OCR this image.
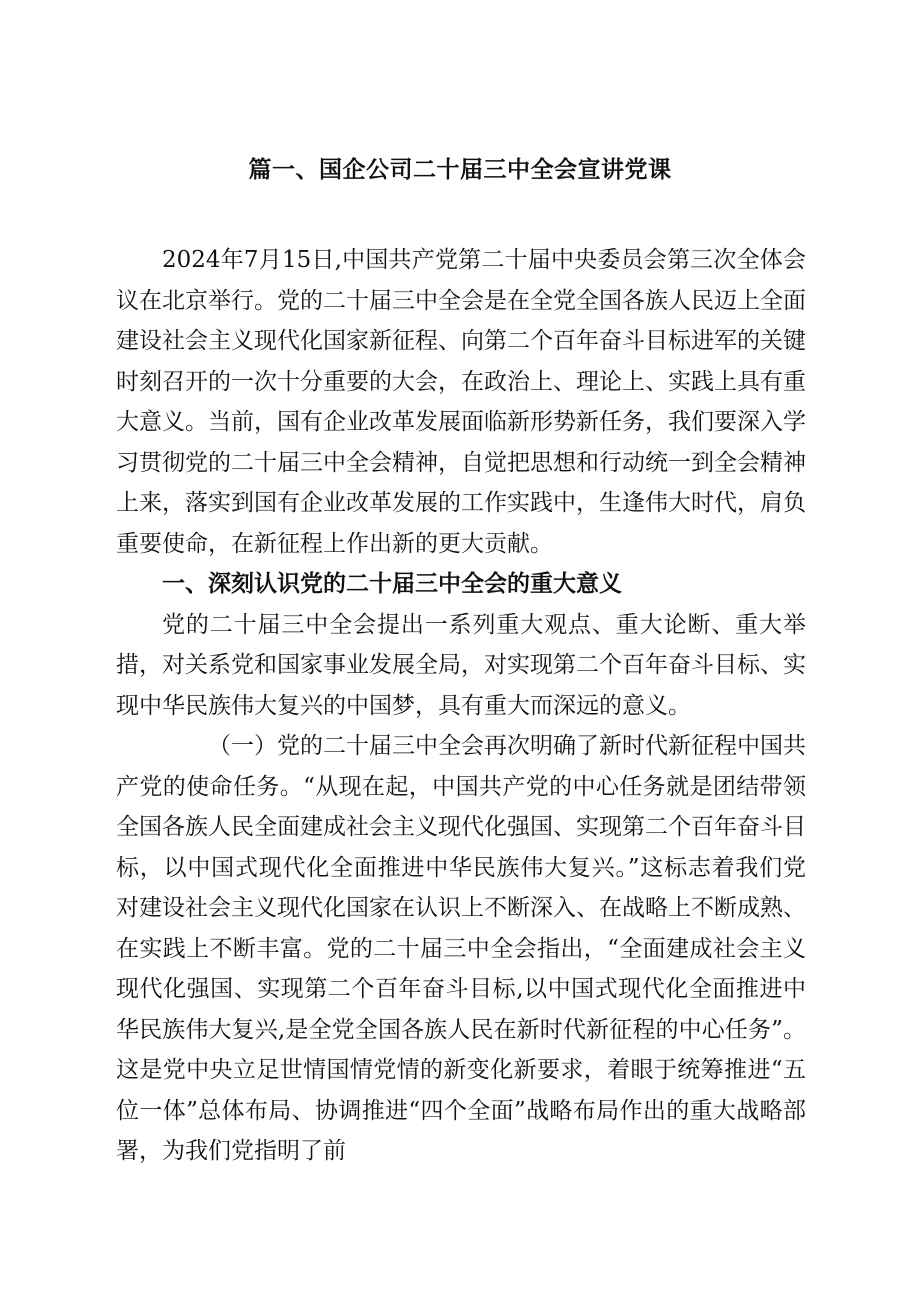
篇一、国企公司二十届三中全会宣讲党课

2024年7月15日,中国共产党第二十届中央委员会第三次全体会议在北京举行。党的二十届三中全会是在全党全国各族人民迈上全面建设社会主义现代化国家新征程、向第二个百年奋斗目标进军的关键时刻召开的一次十分重要的大会，在政治上、理论上、实践上具有重大意义。当前，国有企业改革发展面临新形势新任务，我们要深入学习贯彻党的二十届三中全会精神，自觉把思想和行动统一到全会精神上来，落实到国有企业改革发展的工作实践中，生逢伟大时代，肩负重要使命，在新征程上作出新的更大贡献。

一、深刻认识党的二十届三中全会的重大意义

党的二十届三中全会提出一系列重大观点、重大论断、重大举措，对关系党和国家事业发展全局，对实现第二个百年奋斗目标、实现中华民族伟大复兴的中国梦，具有重大而深远的意义。

（一）党的二十届三中全会再次明确了新时代新征程中国共产党的使命任务。“从现在起，中国共产党的中心任务就是团结带领全国各族人民全面建成社会主义现代化强国、实现第二个百年奋斗目标，以中国式现代化全面推进中华民族伟大复兴。”这标志着我们党对建设社会主义现代化国家在认识上不断深入、在战略上不断成熟、在实践上不断丰富。党的二十届三中全会指出，“全面建成社会主义现代化强国、实现第二个百年奋斗目标,以中国式现代化全面推进中华民族伟大复兴,是全党全国各族人民在新时代新征程的中心任务”。这是党中央立足世情国情党情的新变化新要求，着眼于统筹推进“五位一体”总体布局、协调推进“四个全面”战略布局作出的重大战略部署，为我们党指明了前
